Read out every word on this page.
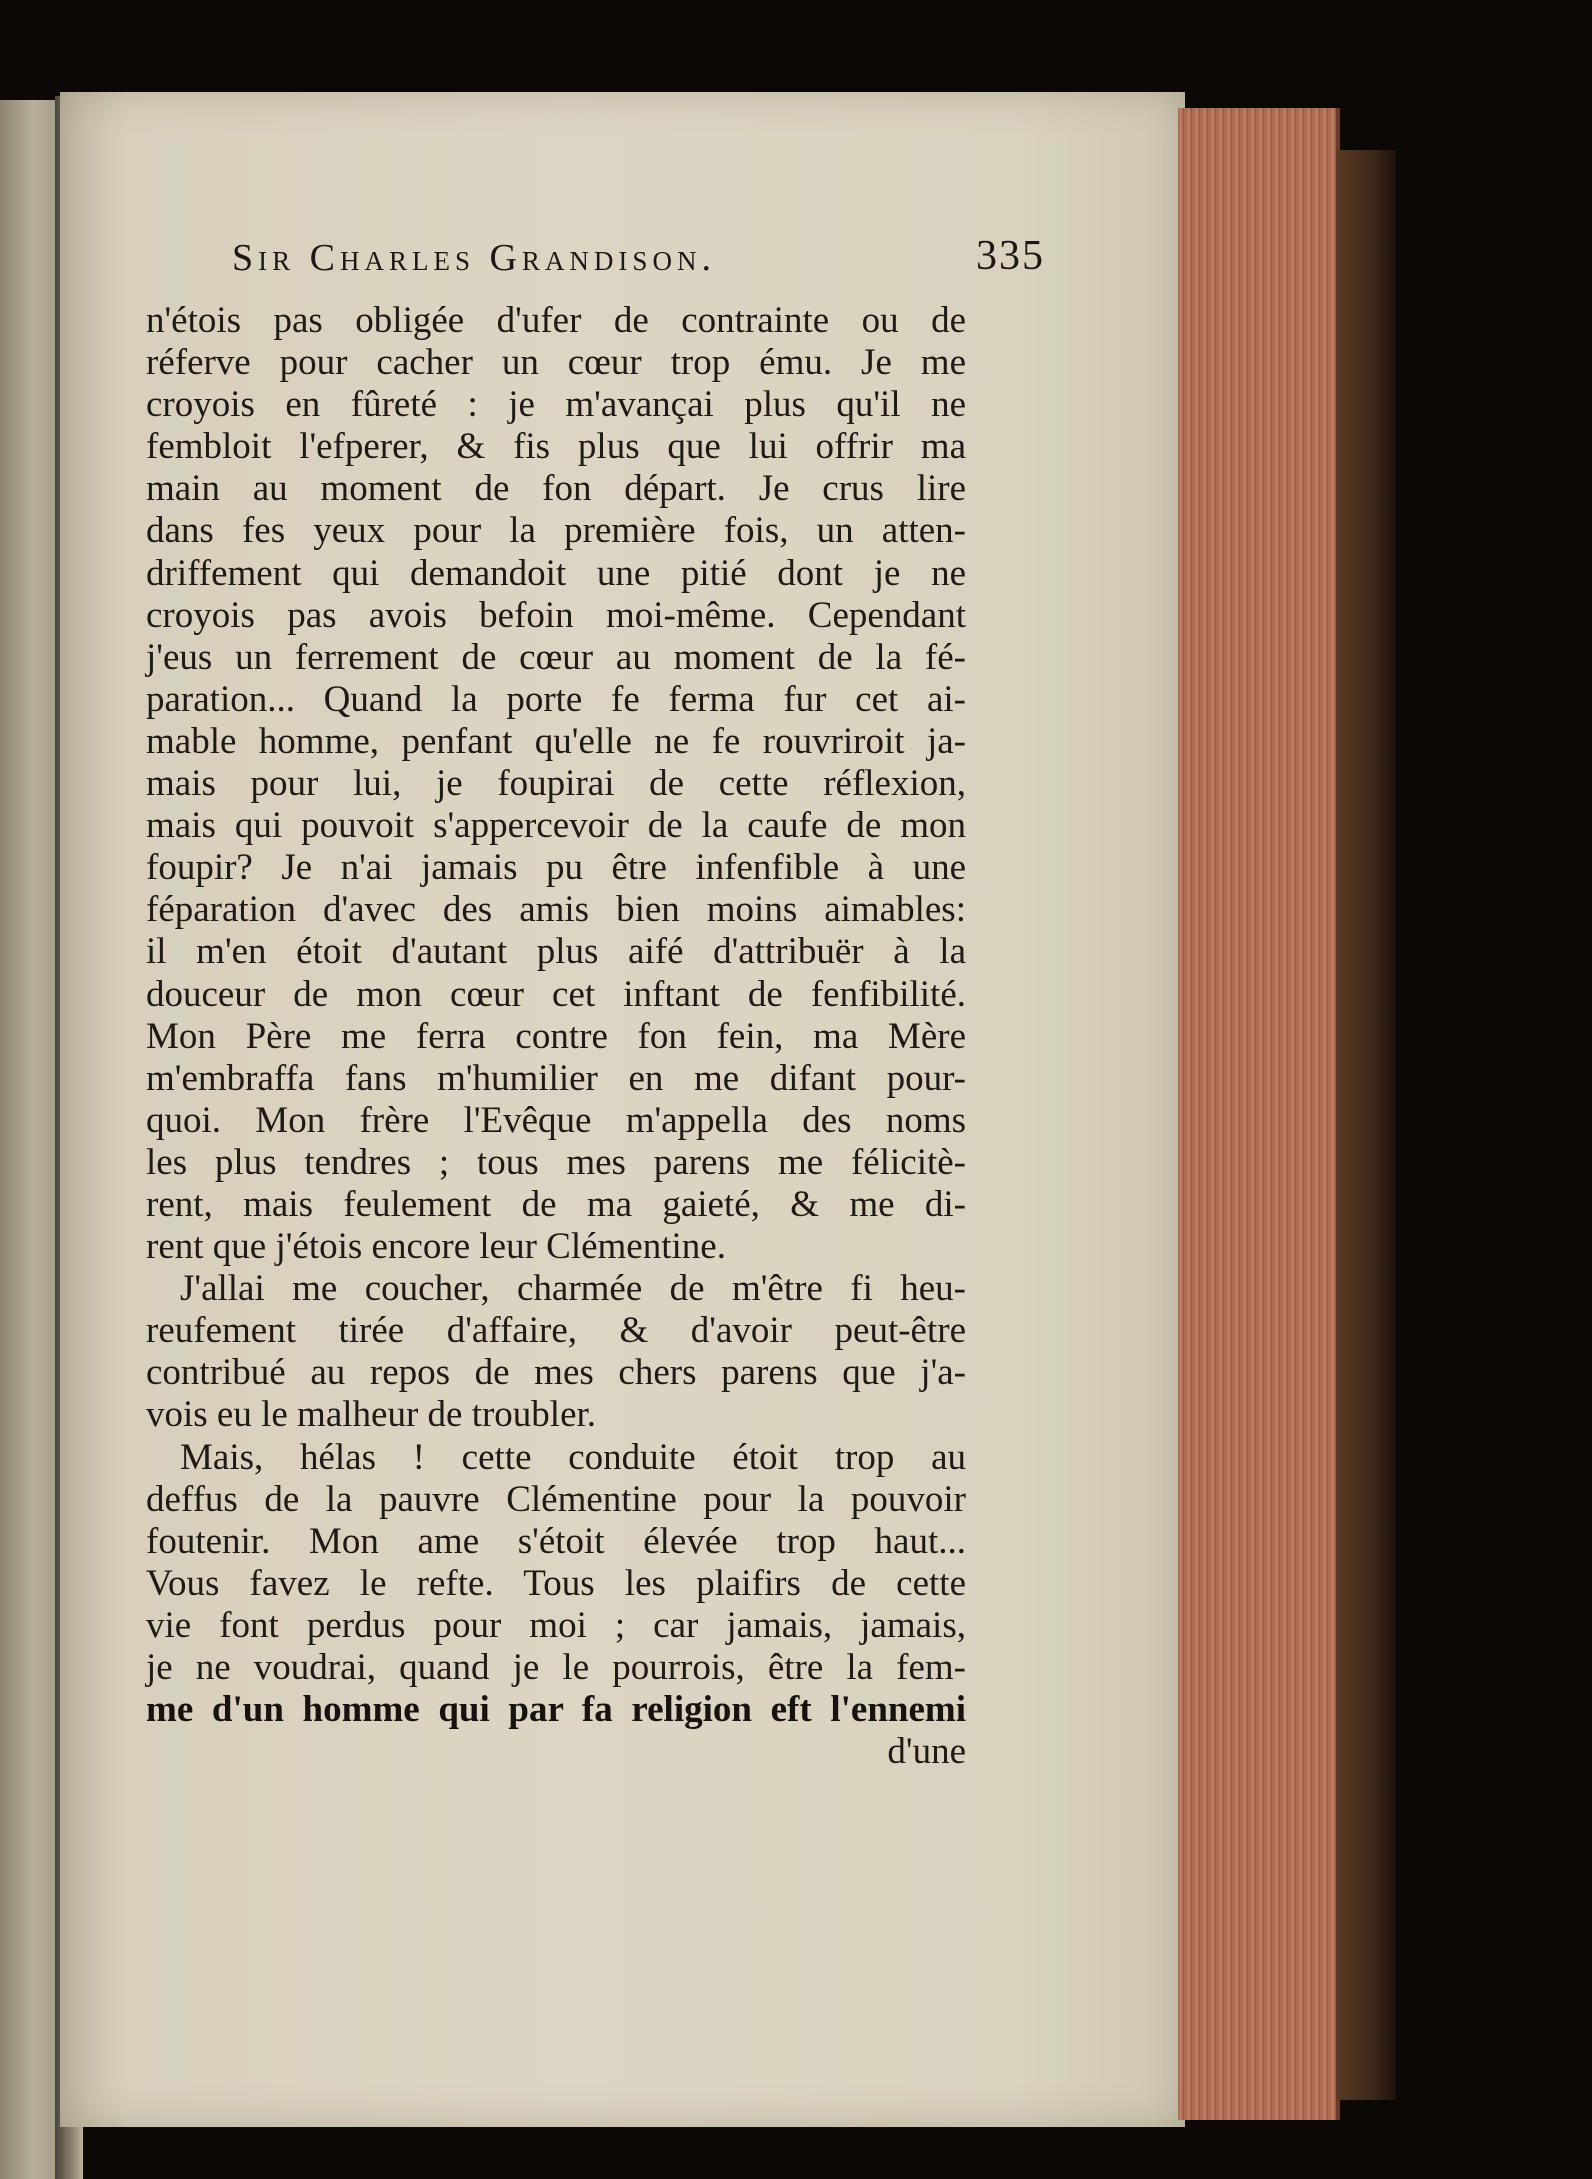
Sir Charles Grandison.	335
n'étois pas obligée d'ufer de contrainte ou de
réferve pour cacher un cœur trop ému. Je me
croyois en fûreté : je m'avançai plus qu'il ne
fembloit l'efperer, & fis plus que lui offrir ma
main au moment de fon départ. Je crus lire
dans fes yeux pour la première fois, un atten-
driffement qui demandoit une pitié dont je ne
croyois pas avois befoin moi-même. Cependant
j'eus un ferrement de cœur au moment de la fé-
paration... Quand la porte fe ferma fur cet ai-
mable homme, penfant qu'elle ne fe rouvriroit ja-
mais pour lui, je foupirai de cette réflexion,
mais qui pouvoit s'appercevoir de la caufe de mon
foupir? Je n'ai jamais pu être infenfible à une
féparation d'avec des amis bien moins aimables:
il m'en étoit d'autant plus aifé d'attribuër à la
douceur de mon cœur cet inftant de fenfibilité.
Mon Père me ferra contre fon fein, ma Mère
m'embraffa fans m'humilier en me difant pour-
quoi. Mon frère l'Evêque m'appella des noms
les plus tendres ; tous mes parens me félicitè-
rent, mais feulement de ma gaieté, & me di-
rent que j'étois encore leur Clémentine.
J'allai me coucher, charmée de m'être fi heu-
reufement tirée d'affaire, & d'avoir peut-être
contribué au repos de mes chers parens que j'a-
vois eu le malheur de troubler.
Mais, hélas ! cette conduite étoit trop au
deffus de la pauvre Clémentine pour la pouvoir
foutenir. Mon ame s'étoit élevée trop haut...
Vous favez le refte. Tous les plaifirs de cette
vie font perdus pour moi ; car jamais, jamais,
je ne voudrai, quand je le pourrois, être la fem-
me d'un homme qui par fa religion eft l'ennemi
d'une
